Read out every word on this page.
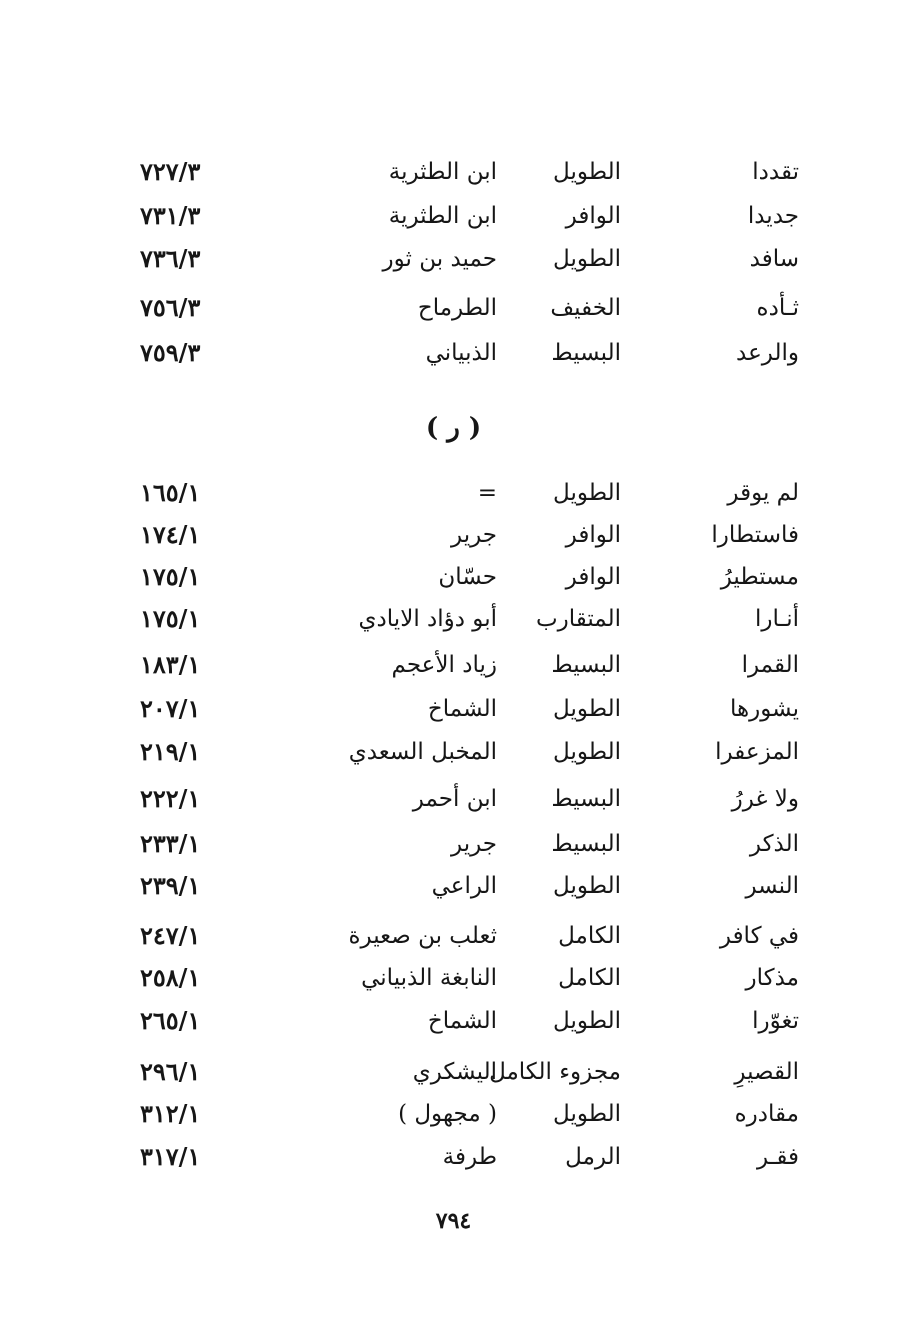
تقددا
الطويل
ابن الطثرية
٧٢٧/٣
جديدا
الوافر
ابن الطثرية
٧٣١/٣
سافد
الطويل
حميد بن ثور
٧٣٦/٣
ثـأده
الخفيف
الطرماح
٧٥٦/٣
والرعد
البسيط
الذبياني
٧٥٩/٣
( ر )
لم يوقر
الطويل
=
١٦٥/١
فاستطارا
الوافر
جرير
١٧٤/١
مستطيرُ
الوافر
حسّان
١٧٥/١
أنـارا
المتقارب
أبو دؤاد الايادي
١٧٥/١
القمرا
البسيط
زياد الأعجم
١٨٣/١
يشورها
الطويل
الشماخ
٢٠٧/١
المزعفرا
الطويل
المخبل السعدي
٢١٩/١
ولا غررُ
البسيط
ابن أحمر
٢٢٢/١
الذكر
البسيط
جرير
٢٣٣/١
النسر
الطويل
الراعي
٢٣٩/١
في كافر
الكامل
ثعلب بن صعيرة
٢٤٧/١
مذكار
الكامل
النابغة الذبياني
٢٥٨/١
تغوّرا
الطويل
الشماخ
٢٦٥/١
القصيرِ
مجزوء الكامل
اليشكري
٢٩٦/١
مقادره
الطويل
( مجهول )
٣١٢/١
فقـر
الرمل
طرفة
٣١٧/١
٧٩٤
